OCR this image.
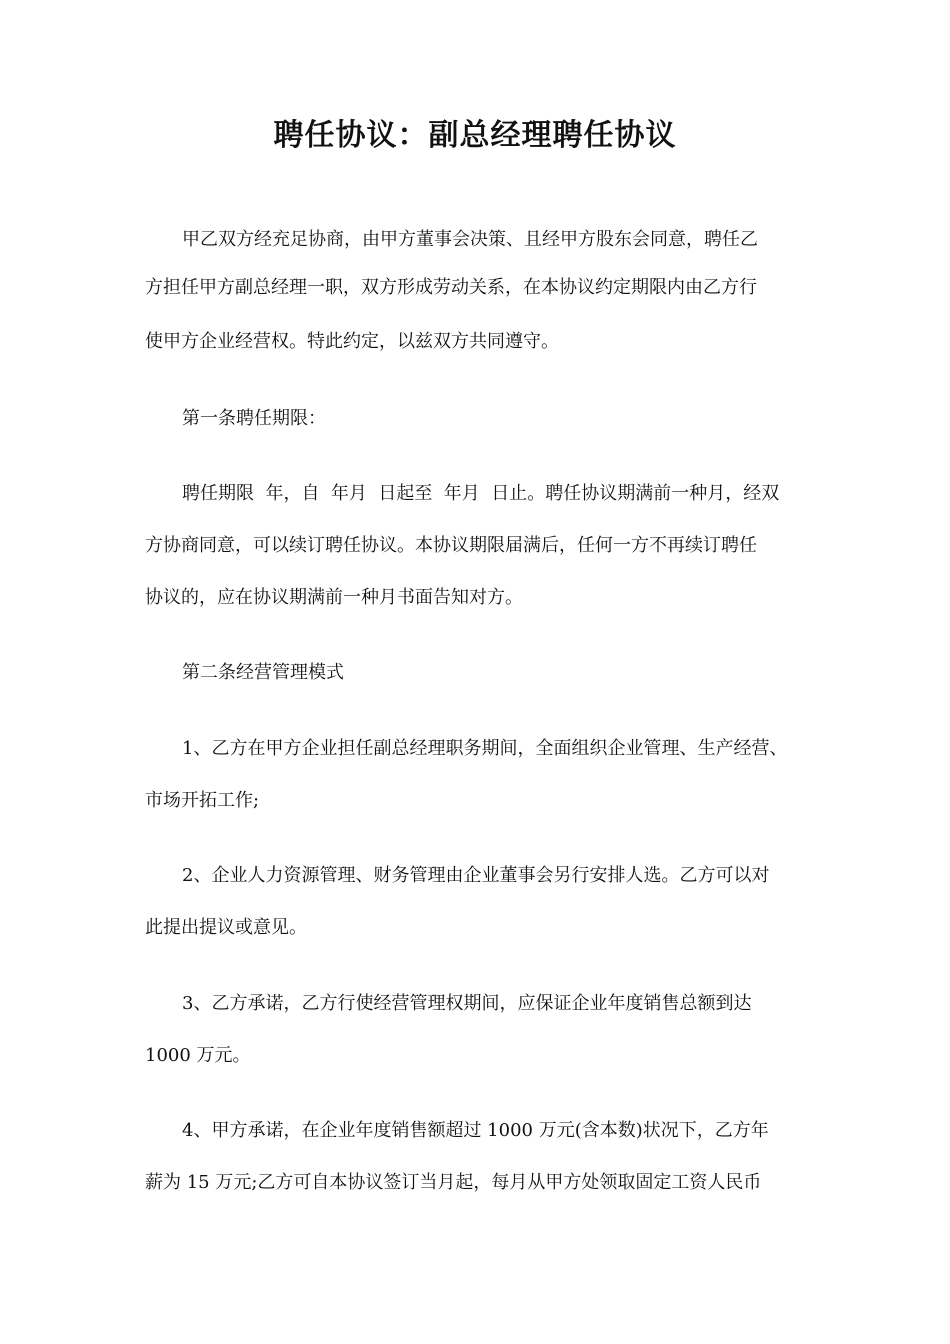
聘任协议：副总经理聘任协议
甲乙双方经充足协商，由甲方董事会决策、且经甲方股东会同意，聘任乙
方担任甲方副总经理一职，双方形成劳动关系，在本协议约定期限内由乙方行
使甲方企业经营权。特此约定，以兹双方共同遵守。
第一条聘任期限：
聘任期限  年，自  年月  日起至  年月  日止。聘任协议期满前一种月，经双
方协商同意，可以续订聘任协议。本协议期限届满后，任何一方不再续订聘任
协议的，应在协议期满前一种月书面告知对方。
第二条经营管理模式
1、乙方在甲方企业担任副总经理职务期间，全面组织企业管理、生产经营、
市场开拓工作;
2、企业人力资源管理、财务管理由企业董事会另行安排人选。乙方可以对
此提出提议或意见。
3、乙方承诺，乙方行使经营管理权期间，应保证企业年度销售总额到达
1000 万元。
4、甲方承诺，在企业年度销售额超过 1000 万元(含本数)状况下，乙方年
薪为 15 万元;乙方可自本协议签订当月起，每月从甲方处领取固定工资人民币
